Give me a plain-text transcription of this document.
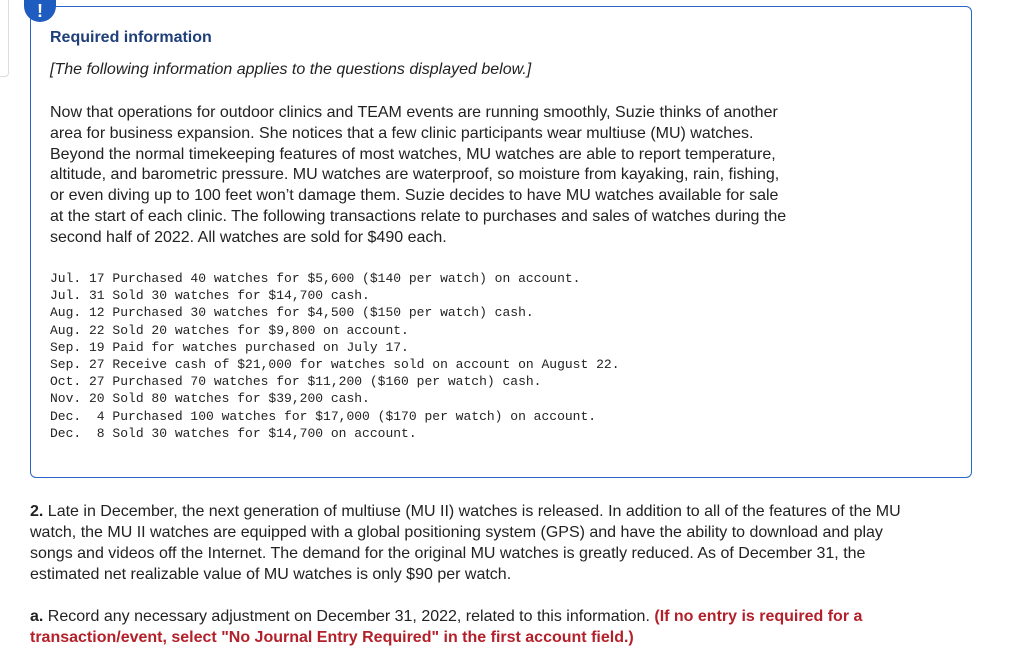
!
Required information

[The following information applies to the questions displayed below.]

Now that operations for outdoor clinics and TEAM events are running smoothly, Suzie thinks of another
area for business expansion. She notices that a few clinic participants wear multiuse (MU) watches.
Beyond the normal timekeeping features of most watches, MU watches are able to report temperature,
altitude, and barometric pressure. MU watches are waterproof, so moisture from kayaking, rain, fishing,
or even diving up to 100 feet won’t damage them. Suzie decides to have MU watches available for sale
at the start of each clinic. The following transactions relate to purchases and sales of watches during the
second half of 2022. All watches are sold for $490 each.

Jul. 17 Purchased 40 watches for $5,600 ($140 per watch) on account.
Jul. 31 Sold 30 watches for $14,700 cash.
Aug. 12 Purchased 30 watches for $4,500 ($150 per watch) cash.
Aug. 22 Sold 20 watches for $9,800 on account.
Sep. 19 Paid for watches purchased on July 17.
Sep. 27 Receive cash of $21,000 for watches sold on account on August 22.
Oct. 27 Purchased 70 watches for $11,200 ($160 per watch) cash.
Nov. 20 Sold 80 watches for $39,200 cash.
Dec.  4 Purchased 100 watches for $17,000 ($170 per watch) on account.
Dec.  8 Sold 30 watches for $14,700 on account.

2. Late in December, the next generation of multiuse (MU II) watches is released. In addition to all of the features of the MU
watch, the MU II watches are equipped with a global positioning system (GPS) and have the ability to download and play
songs and videos off the Internet. The demand for the original MU watches is greatly reduced. As of December 31, the
estimated net realizable value of MU watches is only $90 per watch.

a. Record any necessary adjustment on December 31, 2022, related to this information. (If no entry is required for a
transaction/event, select "No Journal Entry Required" in the first account field.)
